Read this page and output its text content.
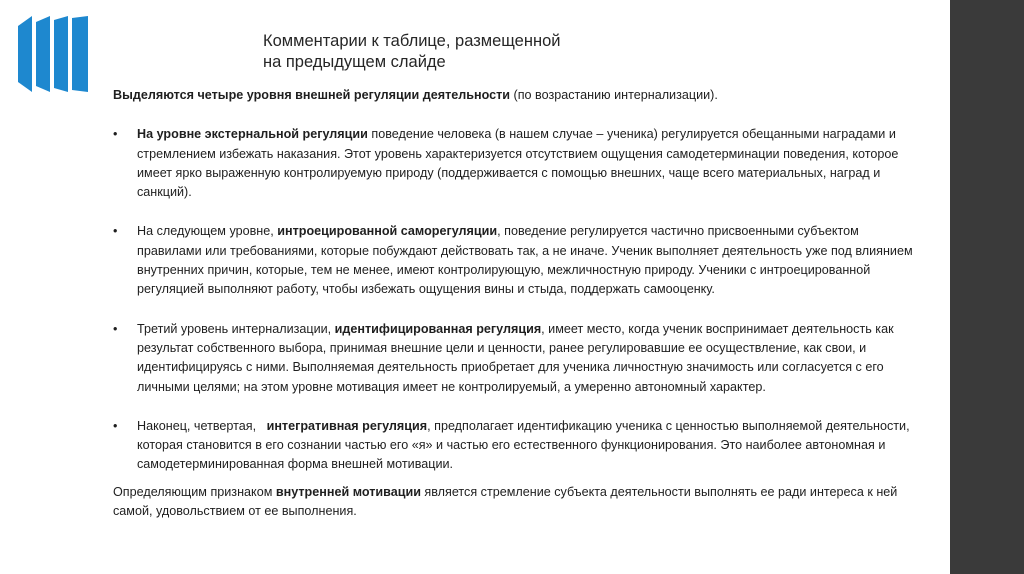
Комментарии к таблице, размещенной
на предыдущем слайде

Выделяются четыре уровня внешней регуляции деятельности (по возрастанию интернализации).

• На уровне экстернальной регуляции поведение человека (в нашем случае – ученика) регулируется обещанными наградами и стремлением избежать наказания. Этот уровень характеризуется отсутствием ощущения самодетерминации поведения, которое имеет ярко выраженную контролируемую природу (поддерживается с помощью внешних, чаще всего материальных, наград и санкций).

• На следующем уровне, интроецированной саморегуляции, поведение регулируется частично присвоенными субъектом правилами или требованиями, которые побуждают действовать так, а не иначе. Ученик выполняет деятельность уже под влиянием внутренних причин, которые, тем не менее, имеют контролирующую, межличностную природу. Ученики с интроецированной регуляцией выполняют работу, чтобы избежать ощущения вины и стыда, поддержать самооценку.

• Третий уровень интернализации, идентифицированная регуляция, имеет место, когда ученик воспринимает деятельность как результат собственного выбора, принимая внешние цели и ценности, ранее регулировавшие ее осуществление, как свои, и идентифицируясь с ними. Выполняемая деятельность приобретает для ученика личностную значимость или согласуется с его личными целями; на этом уровне мотивация имеет не контролируемый, а умеренно автономный характер.

• Наконец, четвертая,   интегративная регуляция, предполагает идентификацию ученика с ценностью выполняемой деятельности, которая становится в его сознании частью его «я» и частью его естественного функционирования. Это наиболее автономная и самодетерминированная форма внешней мотивации.

Определяющим признаком внутренней мотивации является стремление субъекта деятельности выполнять ее ради интереса к ней самой, удовольствием от ее выполнения.
